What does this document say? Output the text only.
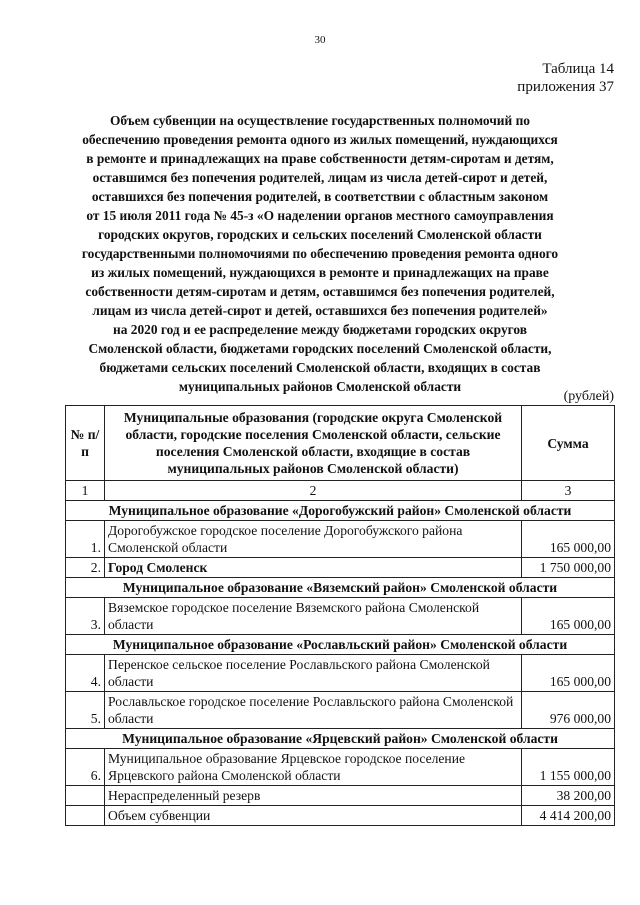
30
Таблица 14
приложения 37
Объем субвенции на осуществление государственных полномочий по
обеспечению проведения ремонта одного из жилых помещений, нуждающихся
в ремонте и принадлежащих на праве собственности детям-сиротам и детям,
оставшимся без попечения родителей, лицам из числа детей-сирот и детей,
оставшихся без попечения родителей, в соответствии с областным законом
от 15 июля 2011 года № 45-з «О наделении органов местного самоуправления
городских округов, городских и сельских поселений Смоленской области
государственными полномочиями по обеспечению проведения ремонта одного
из жилых помещений, нуждающихся в ремонте и принадлежащих на праве
собственности детям-сиротам и детям, оставшимся без попечения родителей,
лицам из числа детей-сирот и детей, оставшихся без попечения родителей»
на 2020 год и ее распределение между бюджетами городских округов
Смоленской области, бюджетами городских поселений Смоленской области,
бюджетами сельских поселений Смоленской области, входящих в состав
муниципальных районов Смоленской области
(рублей)
№ п/п	Муниципальные образования (городские округа Смоленской области, городские поселения Смоленской области, сельские поселения Смоленской области, входящие в состав муниципальных районов Смоленской области)	Сумма
1	2	3
Муниципальное образование «Дорогобужский район» Смоленской области		
1.	Дорогобужское городское поселение Дорогобужского района Смоленской области	165 000,00
2.	Город Смоленск	1 750 000,00
Муниципальное образование «Вяземский район» Смоленской области		
3.	Вяземское городское поселение Вяземского района Смоленской области	165 000,00
Муниципальное образование «Рославльский район» Смоленской области		
4.	Перенское сельское поселение Рославльского района Смоленской области	165 000,00
5.	Рославльское городское поселение Рославльского района Смоленской области	976 000,00
Муниципальное образование «Ярцевский район» Смоленской области		
6.	Муниципальное образование Ярцевское городское поселение Ярцевского района Смоленской области	1 155 000,00
	Нераспределенный резерв	38 200,00
	Объем субвенции	4 414 200,00
